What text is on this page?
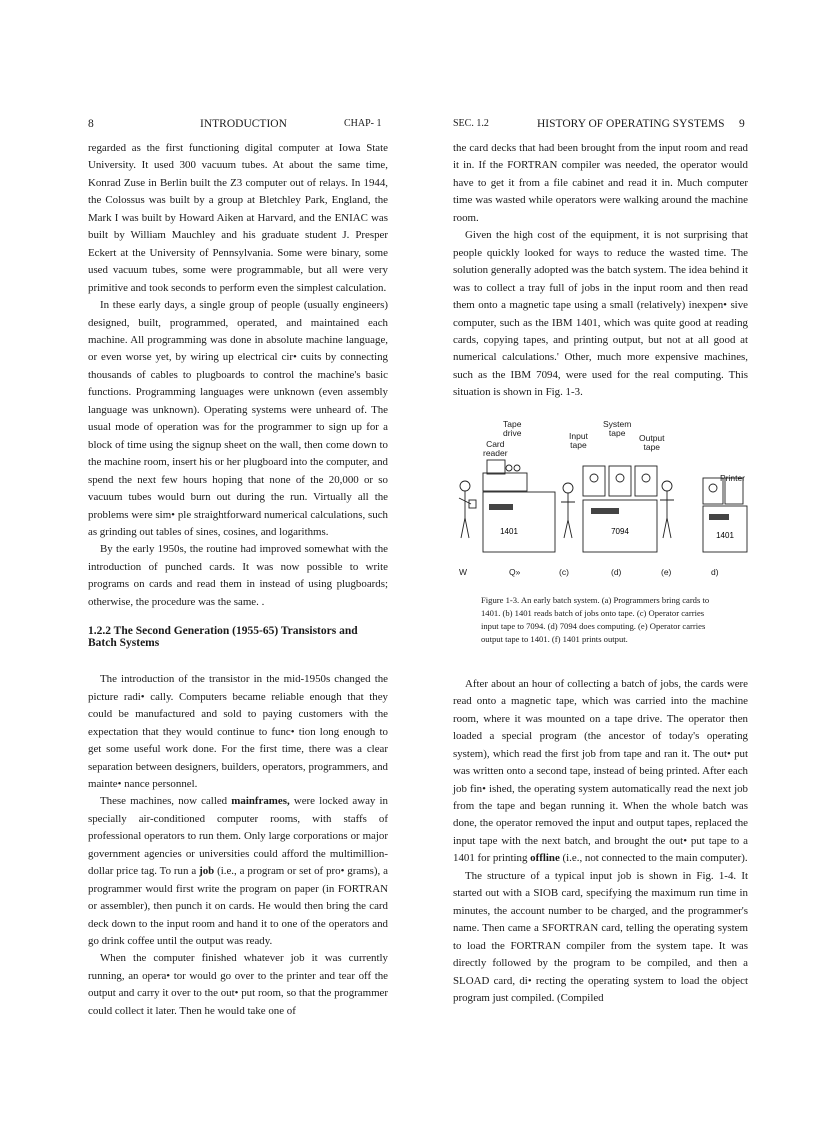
8	INTRODUCTION	CHAP- 1

regarded as the first functioning digital computer at Iowa State University. It used 300 vacuum tubes. At about the same time, Konrad Zuse in Berlin built the Z3 computer out of relays. In 1944, the Colossus was built by a group at Bletchley Park, England, the Mark I was built by Howard Aiken at Harvard, and the ENIAC was built by William Mauchley and his graduate student J. Presper Eckert at the University of Pennsylvania. Some were binary, some used vacuum tubes, some were programmable, but all were very primitive and took seconds to perform even the simplest calculation.

In these early days, a single group of people (usually engineers) designed, built, programmed, operated, and maintained each machine. All programming was done in absolute machine language, or even worse yet, by wiring up electrical cir• cuits by connecting thousands of cables to plugboards to control the machine's basic functions. Programming languages were unknown (even assembly language was unknown). Operating systems were unheard of. The usual mode of operation was for the programmer to sign up for a block of time using the signup sheet on the wall, then come down to the machine room, insert his or her plugboard into the computer, and spend the next few hours hoping that none of the 20,000 or so vacuum tubes would burn out during the run. Virtually all the problems were sim• ple straightforward numerical calculations, such as grinding out tables of sines, cosines, and logarithms.

By the early 1950s, the routine had improved somewhat with the introduction of punched cards. It was now possible to write programs on cards and read them in instead of using plugboards; otherwise, the procedure was the same. .

1.2.2 The Second Generation (1955-65) Transistors and Batch Systems

The introduction of the transistor in the mid-1950s changed the picture radi• cally. Computers became reliable enough that they could be manufactured and sold to paying customers with the expectation that they would continue to func• tion long enough to get some useful work done. For the first time, there was a clear separation between designers, builders, operators, programmers, and mainte• nance personnel.

These machines, now called mainframes, were locked away in specially air-conditioned computer rooms, with staffs of professional operators to run them. Only large corporations or major government agencies or universities could afford the multimillion-dollar price tag. To run a job (i.e., a program or set of pro• grams), a programmer would first write the program on paper (in FORTRAN or assembler), then punch it on cards. He would then bring the card deck down to the input room and hand it to one of the operators and go drink coffee until the output was ready.

When the computer finished whatever job it was currently running, an opera• tor would go over to the printer and tear off the output and carry it over to the out• put room, so that the programmer could collect it later. Then he would take one of

SEC. 1.2	HISTORY OF OPERATING SYSTEMS 9

the card decks that had been brought from the input room and read it in. If the FORTRAN compiler was needed, the operator would have to get it from a file cabinet and read it in. Much computer time was wasted while operators were walking around the machine room.

Given the high cost of the equipment, it is not surprising that people quickly looked for ways to reduce the wasted time. The solution generally adopted was the batch system. The idea behind it was to collect a tray full of jobs in the input room and then read them onto a magnetic tape using a small (relatively) inexpen• sive computer, such as the IBM 1401, which was quite good at reading cards, copying tapes, and printing output, but not at all good at numerical calculations.' Other, much more expensive machines, such as the IBM 7094, were used for the real computing. This situation is shown in Fig. 1-3.

1401	7094	1401
Tape
drive
Card
reader
Input
tape
System
tape	Output
tape
Printer
W	Q»	(c)	(d)	(e)	d)

Figure 1-3. An early batch system. (a) Programmers bring cards to 1401. (b) 1401 reads batch of jobs onto tape. (c) Operator carries input tape to 7094. (d) 7094 does computing. (e) Operator carries output tape to 1401. (f) 1401 prints output.

After about an hour of collecting a batch of jobs, the cards were read onto a magnetic tape, which was carried into the machine room, where it was mounted on a tape drive. The operator then loaded a special program (the ancestor of today's operating system), which read the first job from tape and ran it. The out• put was written onto a second tape, instead of being printed. After each job fin• ished, the operating system automatically read the next job from the tape and began running it. When the whole batch was done, the operator removed the input and output tapes, replaced the input tape with the next batch, and brought the out• put tape to a 1401 for printing offline (i.e., not connected to the main computer).

The structure of a typical input job is shown in Fig. 1-4. It started out with a SIOB card, specifying the maximum run time in minutes, the account number to be charged, and the programmer's name. Then came a SFORTRAN card, telling the operating system to load the FORTRAN compiler from the system tape. It was directly followed by the program to be compiled, and then a SLOAD card, di• recting the operating system to load the object program just compiled. (Compiled
